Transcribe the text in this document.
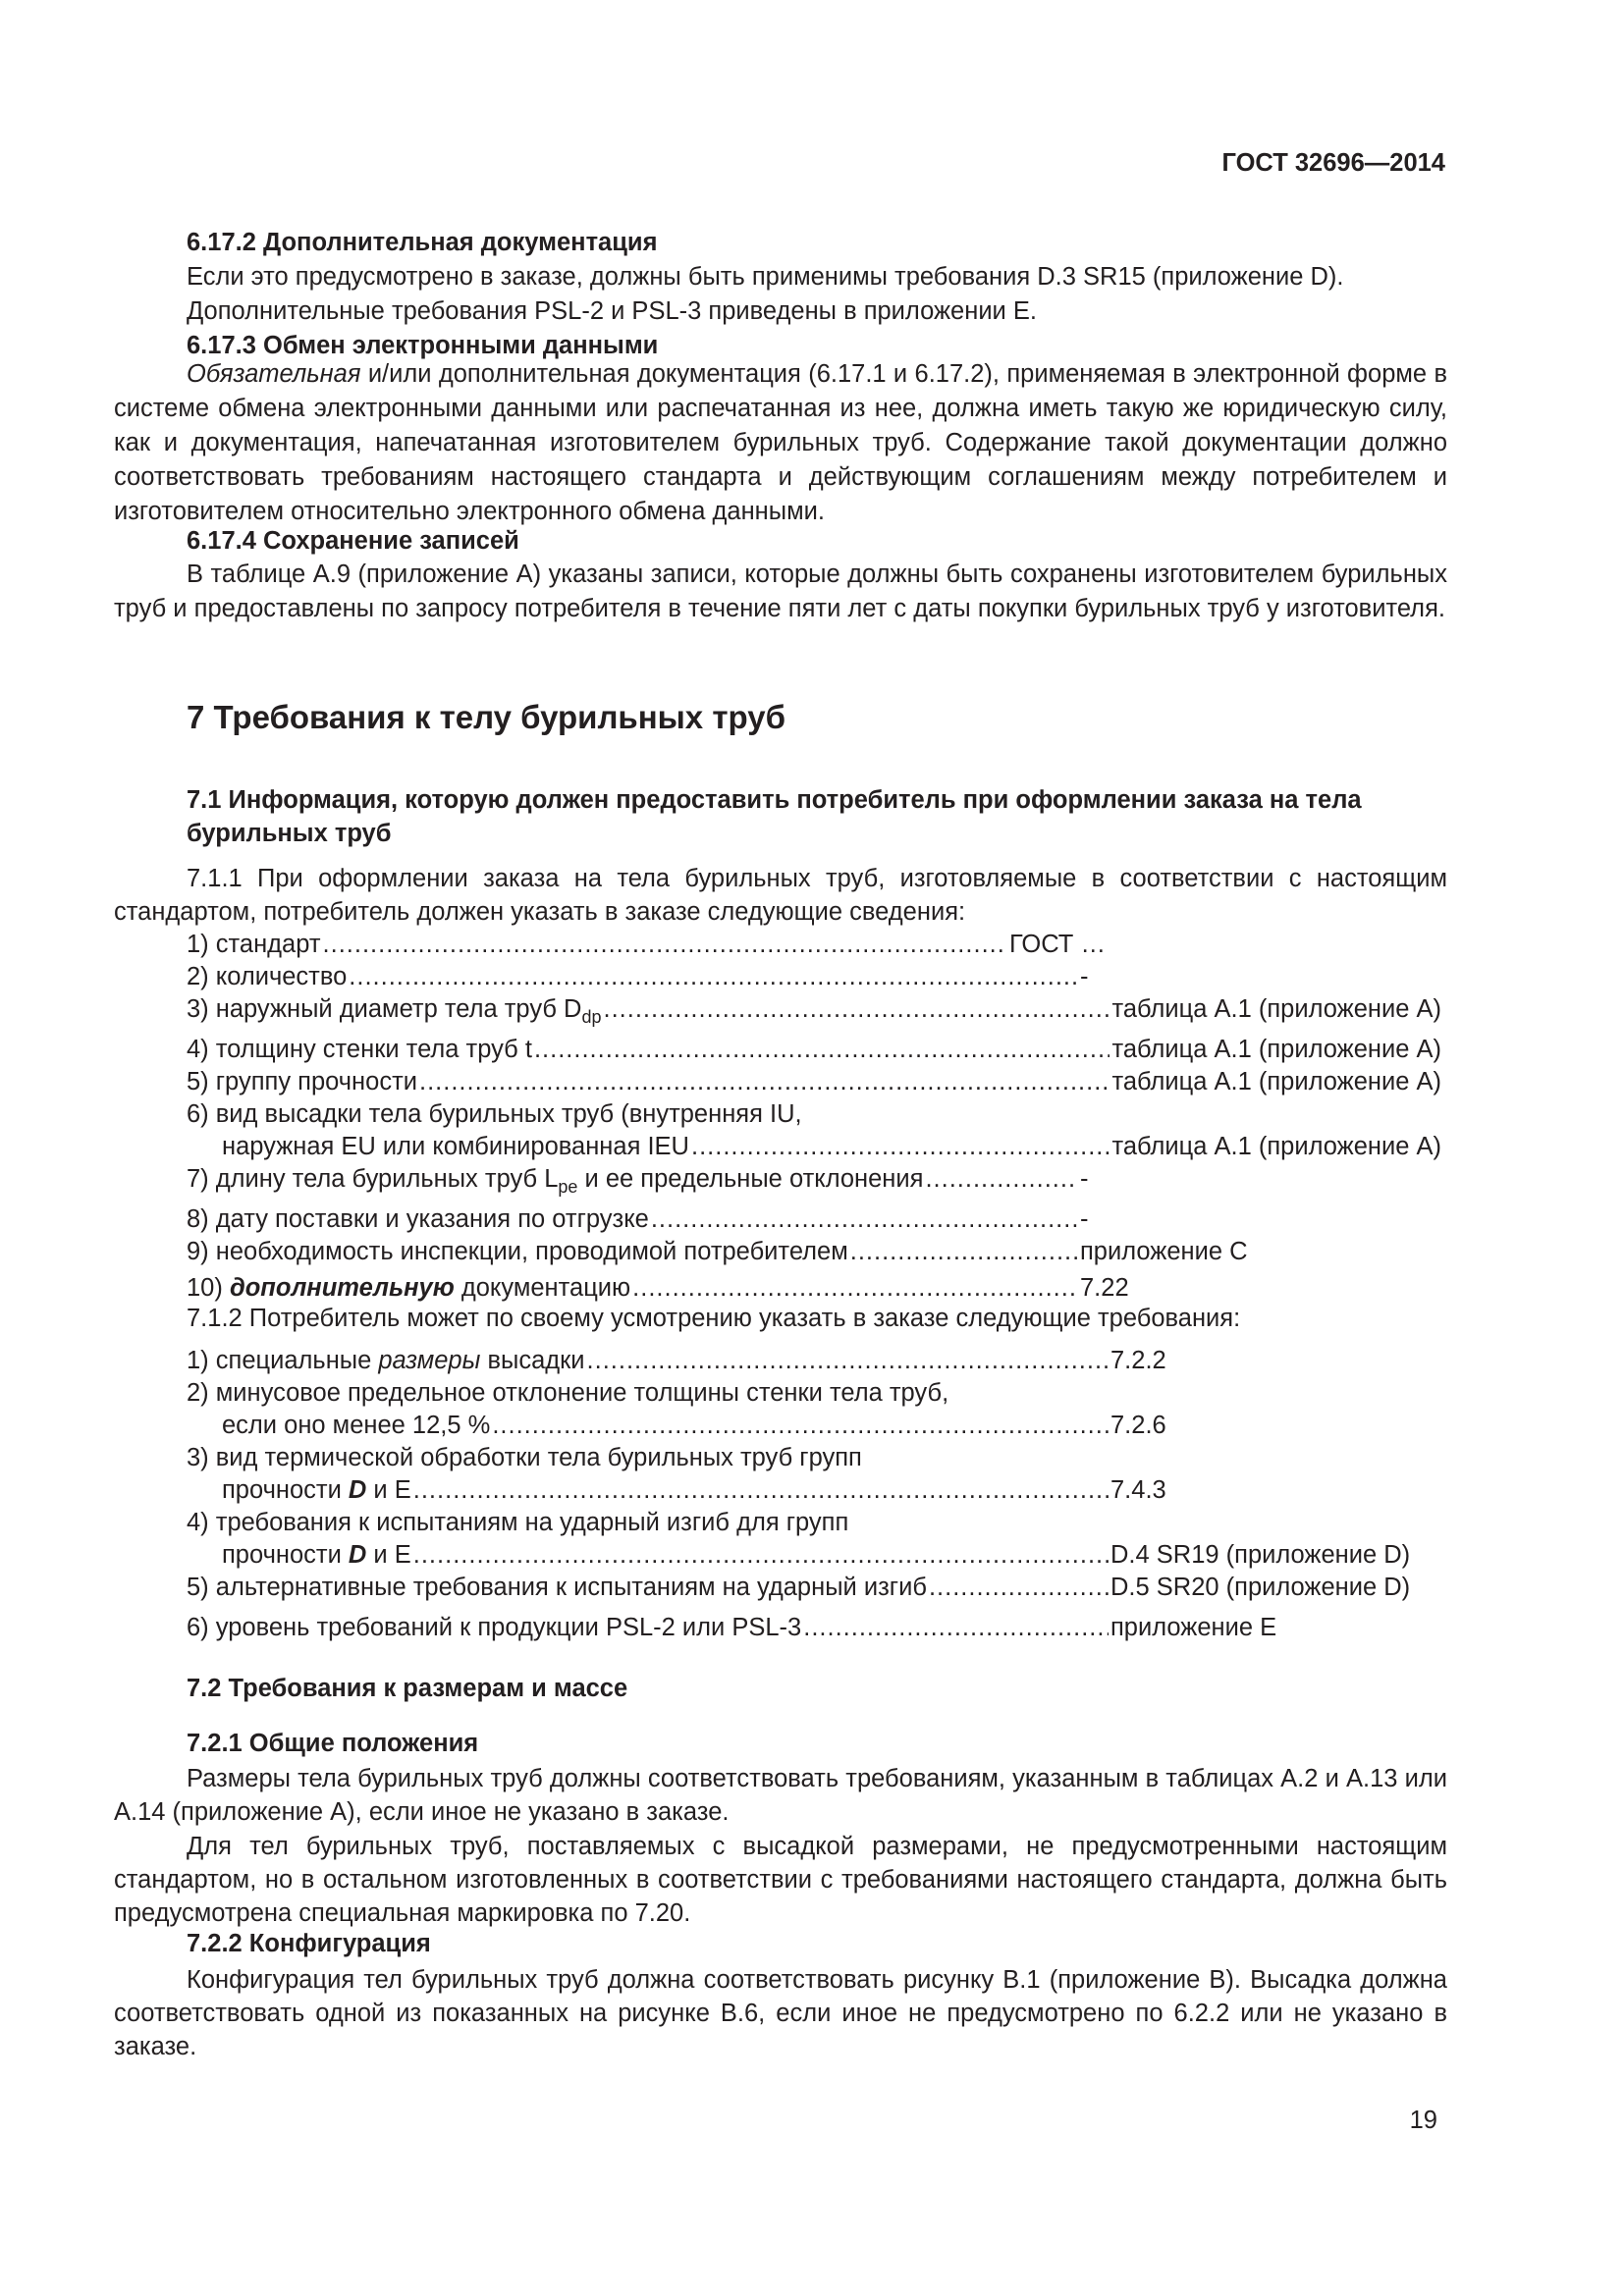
ГОСТ 32696—2014

6.17.2 Дополнительная документация

Если это предусмотрено в заказе, должны быть применимы требования D.3 SR15 (приложение D).

Дополнительные требования PSL-2 и PSL-3 приведены в приложении E.

6.17.3 Обмен электронными данными

Обязательная и/или дополнительная документация (6.17.1 и 6.17.2), применяемая в электронной форме в системе обмена электронными данными или распечатанная из нее, должна иметь такую же юридическую силу, как и документация, напечатанная изготовителем бурильных труб. Содержание такой документации должно соответствовать требованиям настоящего стандарта и действующим соглашениям между потребителем и изготовителем относительно электронного обмена данными.

6.17.4 Сохранение записей

В таблице А.9 (приложение А) указаны записи, которые должны быть сохранены изготовителем бурильных труб и предоставлены по запросу потребителя в течение пяти лет с даты покупки бурильных труб у изготовителя.

7 Требования к телу бурильных труб

7.1 Информация, которую должен предоставить потребитель при оформлении заказа на тела бурильных труб

7.1.1 При оформлении заказа на тела бурильных труб, изготовляемые в соответствии с настоящим стандартом, потребитель должен указать в заказе следующие сведения:

1) стандарт .....	ГОСТ …
2) количество .....	-
3) наружный диаметр тела труб $D_{dp}$ .....	таблица А.1 (приложение А)
4) толщину стенки тела труб t .....	таблица А.1 (приложение А)
5) группу прочности .....	таблица А.1 (приложение А)
6) вид высадки тела бурильных труб (внутренняя IU,
наружная EU или комбинированная IEU .....	таблица А.1 (приложение А)
7) длину тела бурильных труб $L_{pe}$ и ее предельные отклонения .....	-
8) дату поставки и указания по отгрузке .....	-
9) необходимость инспекции, проводимой потребителем .....	приложение С
10) дополнительную документацию .....	7.22

7.1.2 Потребитель может по своему усмотрению указать в заказе следующие требования:

1) специальные размеры высадки .....	7.2.2
2) минусовое предельное отклонение толщины стенки тела труб,
если оно менее 12,5 % .....	7.2.6
3) вид термической обработки тела бурильных труб групп
прочности D и E .....	7.4.3
4) требования к испытаниям на ударный изгиб для групп
прочности D и E .....	D.4 SR19 (приложение D)
5) альтернативные требования к испытаниям на ударный изгиб .....	D.5 SR20 (приложение D)
6) уровень требований к продукции PSL-2 или PSL-3 .....	приложение E
7.2 Требования к размерам и массе
7.2.1 Общие положения

Размеры тела бурильных труб должны соответствовать требованиям, указанным в таблицах А.2 и А.13 или А.14 (приложение А), если иное не указано в заказе.

Для тел бурильных труб, поставляемых с высадкой размерами, не предусмотренными настоящим стандартом, но в остальном изготовленных в соответствии с требованиями настоящего стандарта, должна быть предусмотрена специальная маркировка по 7.20.

7.2.2 Конфигурация

Конфигурация тел бурильных труб должна соответствовать рисунку В.1 (приложение В). Высадка должна соответствовать одной из показанных на рисунке В.6, если иное не предусмотрено по 6.2.2 или не указано в заказе.

19
